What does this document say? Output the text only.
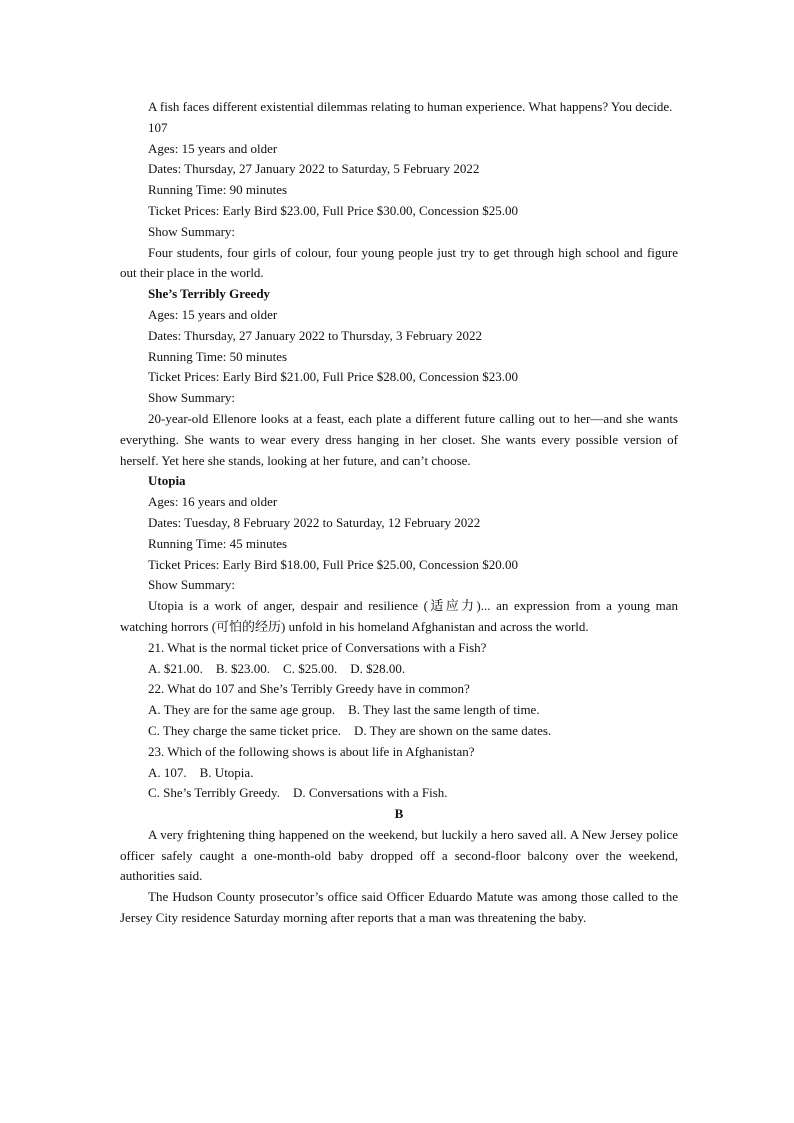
A fish faces different existential dilemmas relating to human experience. What happens? You decide.

107

Ages: 15 years and older

Dates: Thursday, 27 January 2022 to Saturday, 5 February 2022

Running Time: 90 minutes

Ticket Prices: Early Bird $23.00, Full Price $30.00, Concession $25.00

Show Summary:

Four students, four girls of colour, four young people just try to get through high school and figure out their place in the world.

She’s Terribly Greedy

Ages: 15 years and older

Dates: Thursday, 27 January 2022 to Thursday, 3 February 2022

Running Time: 50 minutes

Ticket Prices: Early Bird $21.00, Full Price $28.00, Concession $23.00

Show Summary:

20-year-old Ellenore looks at a feast, each plate a different future calling out to her—and she wants everything. She wants to wear every dress hanging in her closet. She wants every possible version of herself. Yet here she stands, looking at her future, and can’t choose.

Utopia

Ages: 16 years and older

Dates: Tuesday, 8 February 2022 to Saturday, 12 February 2022

Running Time: 45 minutes

Ticket Prices: Early Bird $18.00, Full Price $25.00, Concession $20.00

Show Summary:

Utopia is a work of anger, despair and resilience (适应力)... an expression from a young man watching horrors (可怕的经历) unfold in his homeland Afghanistan and across the world.

21. What is the normal ticket price of Conversations with a Fish?

A. $21.00.    B. $23.00.    C. $25.00.    D. $28.00.

22. What do 107 and She’s Terribly Greedy have in common?

A. They are for the same age group.    B. They last the same length of time.

C. They charge the same ticket price.    D. They are shown on the same dates.

23. Which of the following shows is about life in Afghanistan?

A. 107.    B. Utopia.

C. She’s Terribly Greedy.    D. Conversations with a Fish.

B

A very frightening thing happened on the weekend, but luckily a hero saved all. A New Jersey police officer safely caught a one-month-old baby dropped off a second-floor balcony over the weekend, authorities said.

The Hudson County prosecutor’s office said Officer Eduardo Matute was among those called to the Jersey City residence Saturday morning after reports that a man was threatening the baby.
